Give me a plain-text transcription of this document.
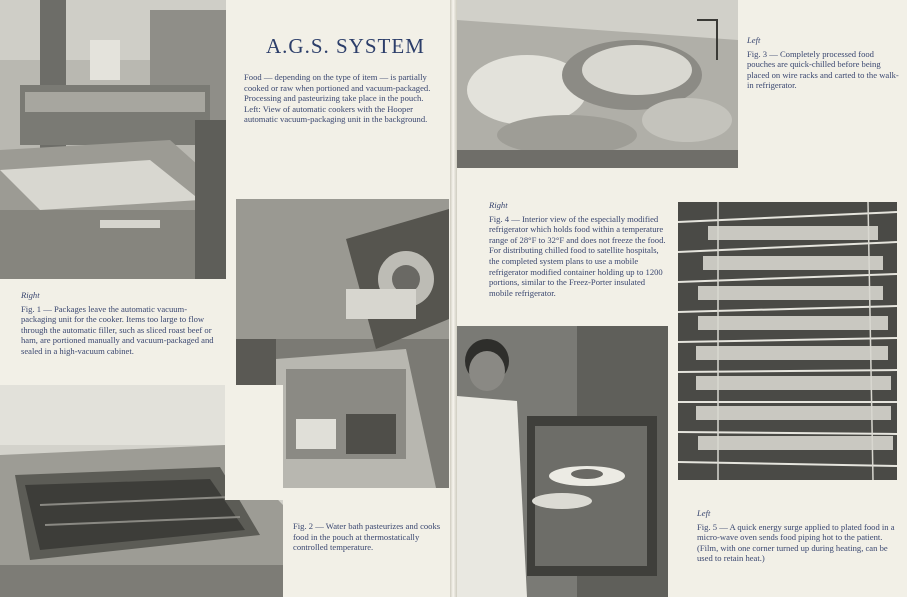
A.G.S. SYSTEM

Food — depending on the type of item — is partially cooked or raw when portioned and vacuum-packaged. Processing and pasteurizing take place in the pouch. Left: View of automatic cookers with the Hooper automatic vacuum-packaging unit in the background.

Right
Fig. 1 — Packages leave the automatic vacuum-packaging unit for the cooker. Items too large to flow through the automatic filler, such as sliced roast beef or ham, are portioned manually and vacuum-packaged and sealed in a high-vacuum cabinet.

Fig. 2 — Water bath pasteurizes and cooks food in the pouch at thermostatically controlled temperature.

Left
Fig. 3 — Completely processed food pouches are quick-chilled before being placed on wire racks and carted to the walk-in refrigerator.

Right
Fig. 4 — Interior view of the especially modified refrigerator which holds food within a temperature range of 28°F to 32°F and does not freeze the food. For distributing chilled food to satellite hospitals, the completed system plans to use a mobile refrigerator modified container holding up to 1200 portions, similar to the Freez-Porter insulated mobile refrigerator.

Left
Fig. 5 — A quick energy surge applied to plated food in a micro-wave oven sends food piping hot to the patient. (Film, with one corner turned up during heating, can be used to retain heat.)
